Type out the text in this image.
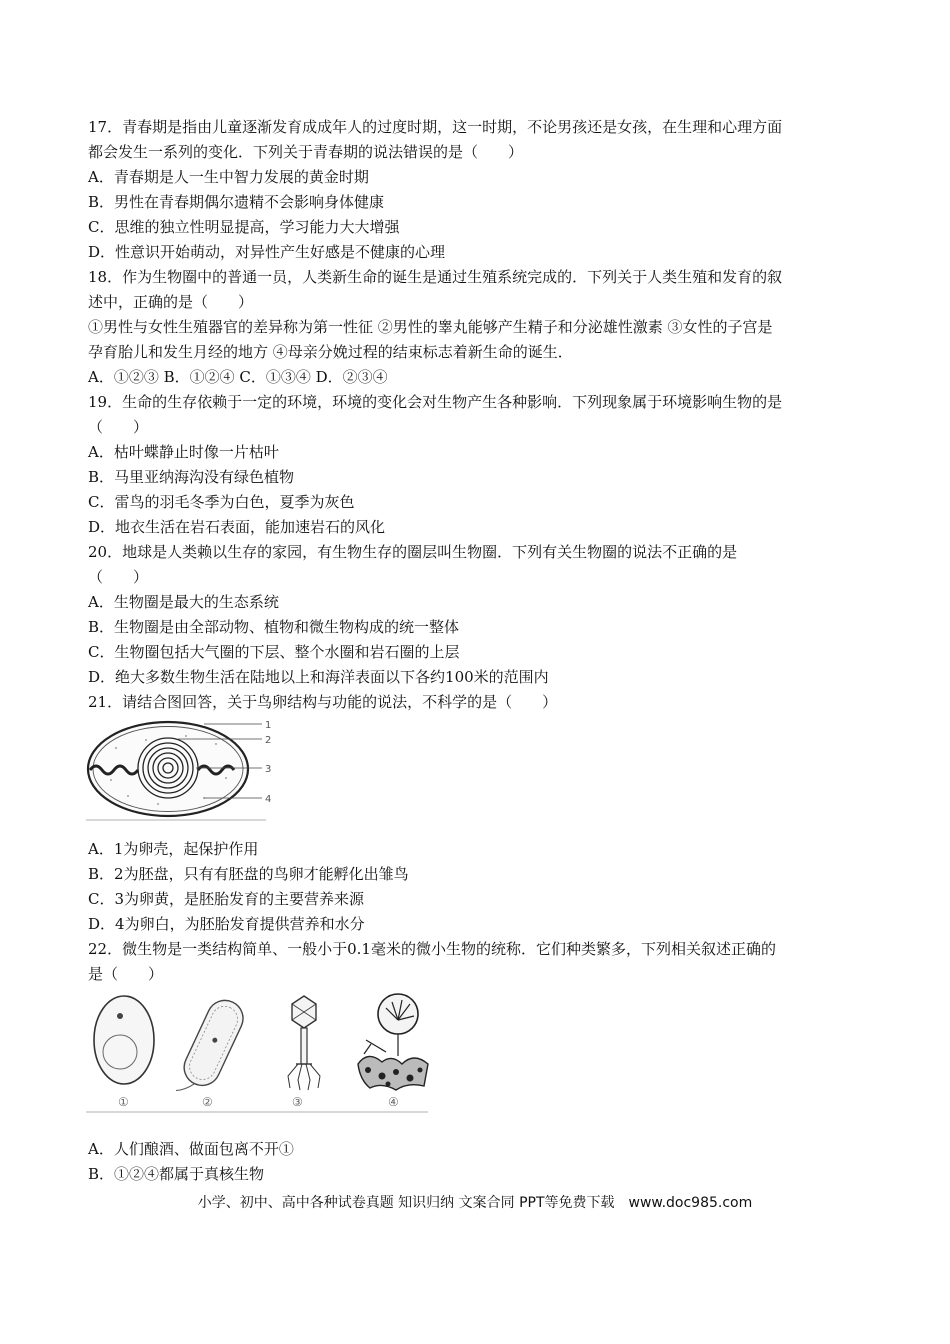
17．青春期是指由儿童逐渐发育成成年人的过度时期，这一时期，不论男孩还是女孩，在生理和心理方面
都会发生一系列的变化．下列关于青春期的说法错误的是（　　）
A．青春期是人一生中智力发展的黄金时期
B．男性在青春期偶尔遗精不会影响身体健康
C．思维的独立性明显提高，学习能力大大增强
D．性意识开始萌动，对异性产生好感是不健康的心理
18．作为生物圈中的普通一员，人类新生命的诞生是通过生殖系统完成的．下列关于人类生殖和发育的叙
述中，正确的是（　　）
①男性与女性生殖器官的差异称为第一性征 ②男性的睾丸能够产生精子和分泌雄性激素 ③女性的子宫是
孕育胎儿和发生月经的地方 ④母亲分娩过程的结束标志着新生命的诞生．
A．①②③ B．①②④ C．①③④ D．②③④
19．生命的生存依赖于一定的环境，环境的变化会对生物产生各种影响．下列现象属于环境影响生物的是
（　　）
A．枯叶蝶静止时像一片枯叶
B．马里亚纳海沟没有绿色植物
C．雷鸟的羽毛冬季为白色，夏季为灰色
D．地衣生活在岩石表面，能加速岩石的风化
20．地球是人类赖以生存的家园，有生物生存的圈层叫生物圈．下列有关生物圈的说法不正确的是
（　　）
A．生物圈是最大的生态系统
B．生物圈是由全部动物、植物和微生物构成的统一整体
C．生物圈包括大气圈的下层、整个水圈和岩石圈的上层
D．绝大多数生物生活在陆地以上和海洋表面以下各约100米的范围内
21．请结合图回答，关于鸟卵结构与功能的说法，不科学的是（　　）
1
2
3
4
A．1为卵壳，起保护作用
B．2为胚盘，只有有胚盘的鸟卵才能孵化出雏鸟
C．3为卵黄，是胚胎发育的主要营养来源
D．4为卵白，为胚胎发育提供营养和水分
22．微生物是一类结构简单、一般小于0.1毫米的微小生物的统称．它们种类繁多，下列相关叙述正确的
是（　　）
①	②	③	④
A．人们酿酒、做面包离不开①
B．①②④都属于真核生物
小学、初中、高中各种试卷真题 知识归纳 文案合同 PPT等免费下载　www.doc985.com
